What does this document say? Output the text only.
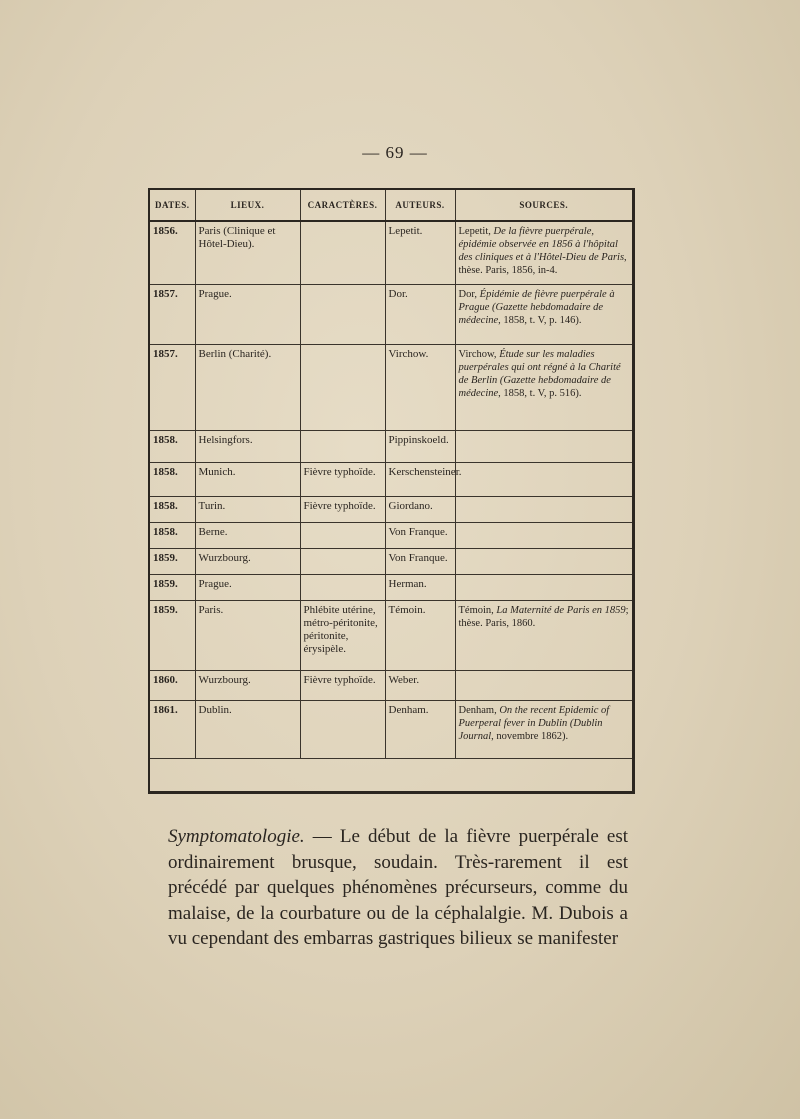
— 69 —
DATES.	LIEUX.	CARACTÈRES.	AUTEURS.	SOURCES.
1856.	Paris (Clinique et Hôtel-Dieu).		Lepetit.	Lepetit, De la fièvre puerpérale, épidémie observée en 1856 à l'hôpital des cliniques et à l'Hôtel-Dieu de Paris, thèse. Paris, 1856, in-4.
1857.	Prague.		Dor.	Dor, Épidémie de fièvre puerpérale à Prague (Gazette hebdomadaire de médecine, 1858, t. V, p. 146).
1857.	Berlin (Charité).		Virchow.	Virchow, Étude sur les maladies puerpérales qui ont régné à la Charité de Berlin (Gazette hebdomadaire de médecine, 1858, t. V, p. 516).
1858.	Helsingfors.		Pippinskoeld.	
1858.	Munich.	Fièvre typhoïde.	Kerschensteiner.	
1858.	Turin.	Fièvre typhoïde.	Giordano.	
1858.	Berne.		Von Franque.	
1859.	Wurzbourg.		Von Franque.	
1859.	Prague.		Herman.	
1859.	Paris.	Phlébite utérine, métro-péritonite, péritonite, érysipèle.	Témoin.	Témoin, La Maternité de Paris en 1859; thèse. Paris, 1860.
1860.	Wurzbourg.	Fièvre typhoïde.	Weber.	
1861.	Dublin.		Denham.	Denham, On the recent Epidemic of Puerperal fever in Dublin (Dublin Journal, novembre 1862).
Symptomatologie. — Le début de la fièvre puerpérale est ordinairement brusque, soudain. Très-rarement il est précédé par quelques phénomènes précurseurs, comme du malaise, de la courbature ou de la céphalalgie. M. Dubois a vu cependant des embarras gastriques bilieux se manifester
